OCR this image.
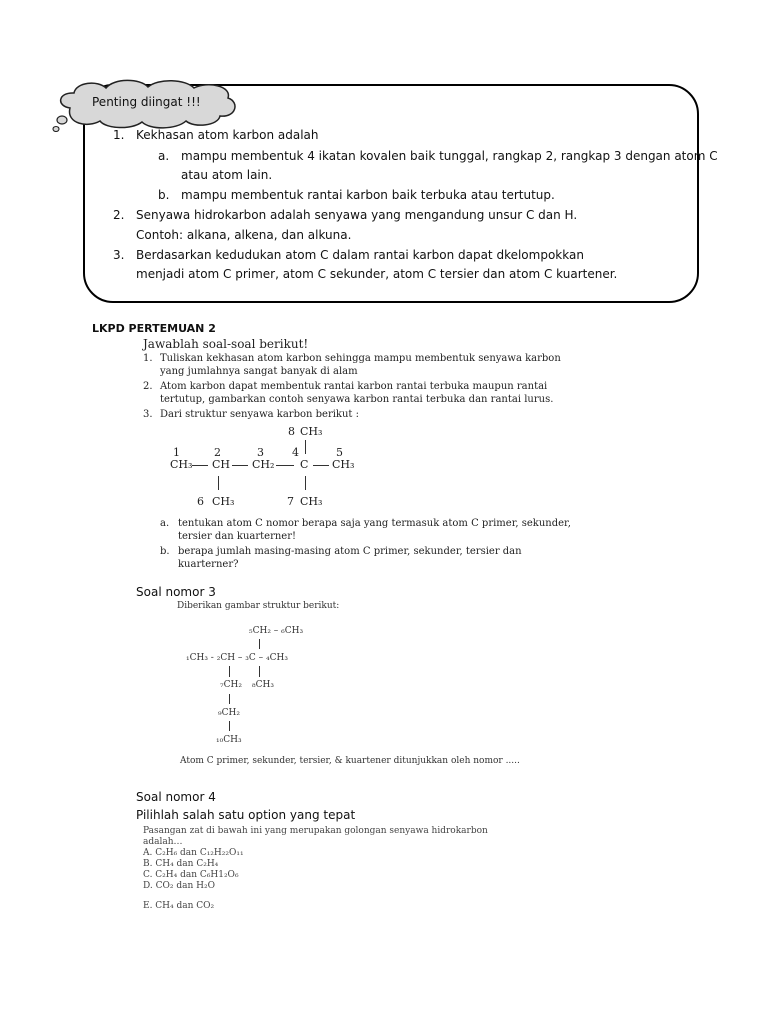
Penting diingat !!!
1. Kekhasan atom karbon adalah
a. mampu membentuk 4 ikatan kovalen baik tunggal, rangkap 2, rangkap 3 dengan atom C
atau atom lain.
b. mampu membentuk rantai karbon baik terbuka atau tertutup.
2. Senyawa hidrokarbon adalah senyawa yang mengandung unsur C dan H.
Contoh: alkana, alkena, dan alkuna.
3. Berdasarkan kedudukan atom C dalam rantai karbon dapat dkelompokkan
menjadi atom C primer, atom C sekunder, atom C tersier dan atom C kuartener.
LKPD PERTEMUAN 2
Jawablah soal-soal berikut!
1. Tuliskan kekhasan atom karbon sehingga mampu membentuk senyawa karbon
yang jumlahnya sangat banyak di alam
2. Atom karbon dapat membentuk rantai karbon rantai terbuka maupun rantai
tertutup, gambarkan contoh senyawa karbon rantai terbuka dan rantai lurus.
3. Dari struktur senyawa karbon berikut :
8 CH₃
1	2	3	4	5
CH₃ CH CH₂ C CH₃
6 CH₃	7 CH₃
a. tentukan atom C nomor berapa saja yang termasuk atom C primer, sekunder,
tersier dan kuarterner!
b. berapa jumlah masing-masing atom C primer, sekunder, tersier dan
kuarterner?
Soal nomor 3
Diberikan gambar struktur berikut:
₅CH₂ – ₆CH₃
₁CH₃ - ₂CH – ₃C – ₄CH₃
₇CH₂ ₈CH₃
₉CH₂
₁₀CH₃
Atom C primer, sekunder, tersier, & kuartener ditunjukkan oleh nomor .....
Soal nomor 4
Pilihlah salah satu option yang tepat
Pasangan zat di bawah ini yang merupakan golongan senyawa hidrokarbon
adalah…
A. C₂H₆ dan C₁₂H₂₂O₁₁
B. CH₄ dan C₂H₄
C. C₂H₄ dan C₆H1₂O₆
D. CO₂ dan H₂O
E. CH₄ dan CO₂
